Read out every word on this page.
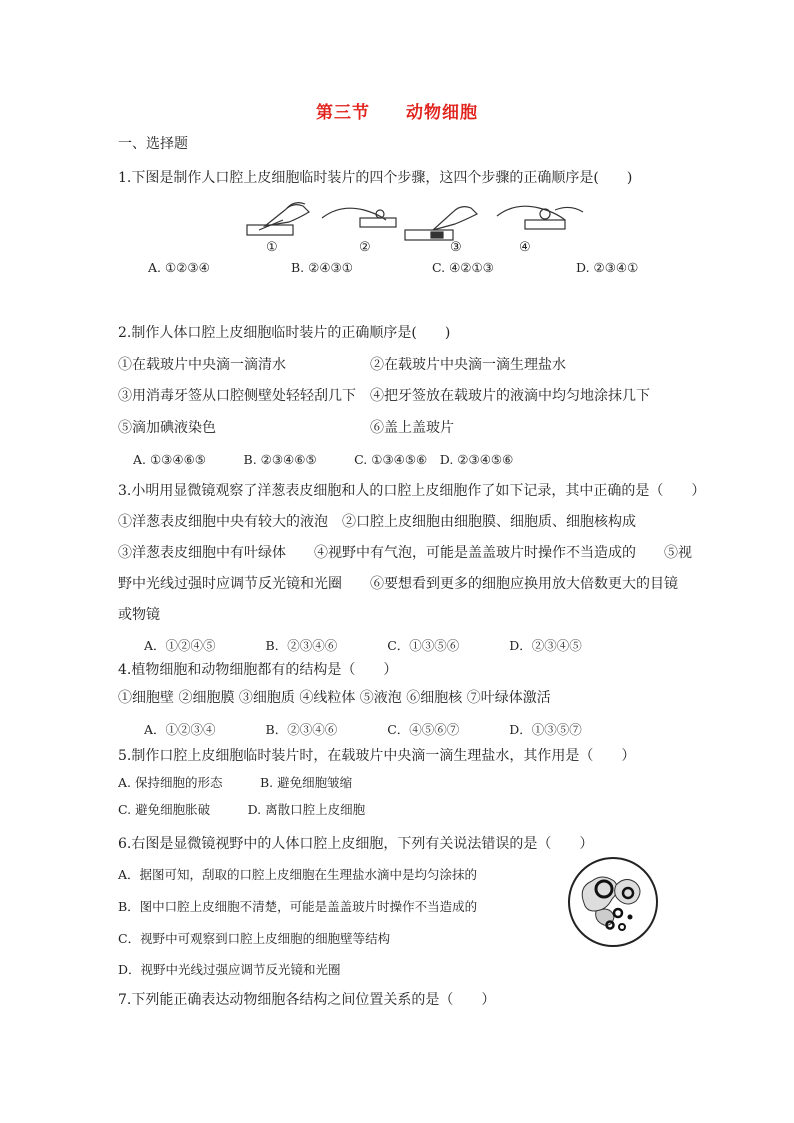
第三节　　动物细胞
一、选择题
1.下图是制作人口腔上皮细胞临时装片的四个步骤，这四个步骤的正确顺序是(　　)
①	②	③	④
A. ①②③④	B. ②④③①	C. ④②①③	D. ②③④①
2.制作人体口腔上皮细胞临时装片的正确顺序是(　　)
①在载玻片中央滴一滴清水	②在载玻片中央滴一滴生理盐水
③用消毒牙签从口腔侧壁处轻轻刮几下 ④把牙签放在载玻片的液滴中均匀地涂抹几下
⑤滴加碘液染色	⑥盖上盖玻片
A. ①③④⑥⑤　　　B. ②③④⑥⑤　　　C. ①③④⑤⑥　D. ②③④⑤⑥
3.小明用显微镜观察了洋葱表皮细胞和人的口腔上皮细胞作了如下记录，其中正确的是（　　）
①洋葱表皮细胞中央有较大的液泡　②口腔上皮细胞由细胞膜、细胞质、细胞核构成
③洋葱表皮细胞中有叶绿体　　④视野中有气泡，可能是盖盖玻片时操作不当造成的　　⑤视
野中光线过强时应调节反光镜和光圈　　⑥要想看到更多的细胞应换用放大倍数更大的目镜
或物镜
A．①②④⑤　　　　B．②③④⑥　　　　C．①③⑤⑥　　　　D．②③④⑤
4.植物细胞和动物细胞都有的结构是（　　）
①细胞壁 ②细胞膜 ③细胞质 ④线粒体 ⑤液泡 ⑥细胞核 ⑦叶绿体激活
A．①②③④　　　　B．②③④⑥　　　　C．④⑤⑥⑦　　　　D．①③⑤⑦
5.制作口腔上皮细胞临时装片时，在载玻片中央滴一滴生理盐水，其作用是（　　）
A. 保持细胞的形态　　　B. 避免细胞皱缩
C. 避免细胞胀破　　　D. 离散口腔上皮细胞
6.右图是显微镜视野中的人体口腔上皮细胞，下列有关说法错误的是（　　）
A．据图可知，刮取的口腔上皮细胞在生理盐水滴中是均匀涂抹的
B．图中口腔上皮细胞不清楚，可能是盖盖玻片时操作不当造成的
C．视野中可观察到口腔上皮细胞的细胞壁等结构
D．视野中光线过强应调节反光镜和光圈
7.下列能正确表达动物细胞各结构之间位置关系的是（　　）
